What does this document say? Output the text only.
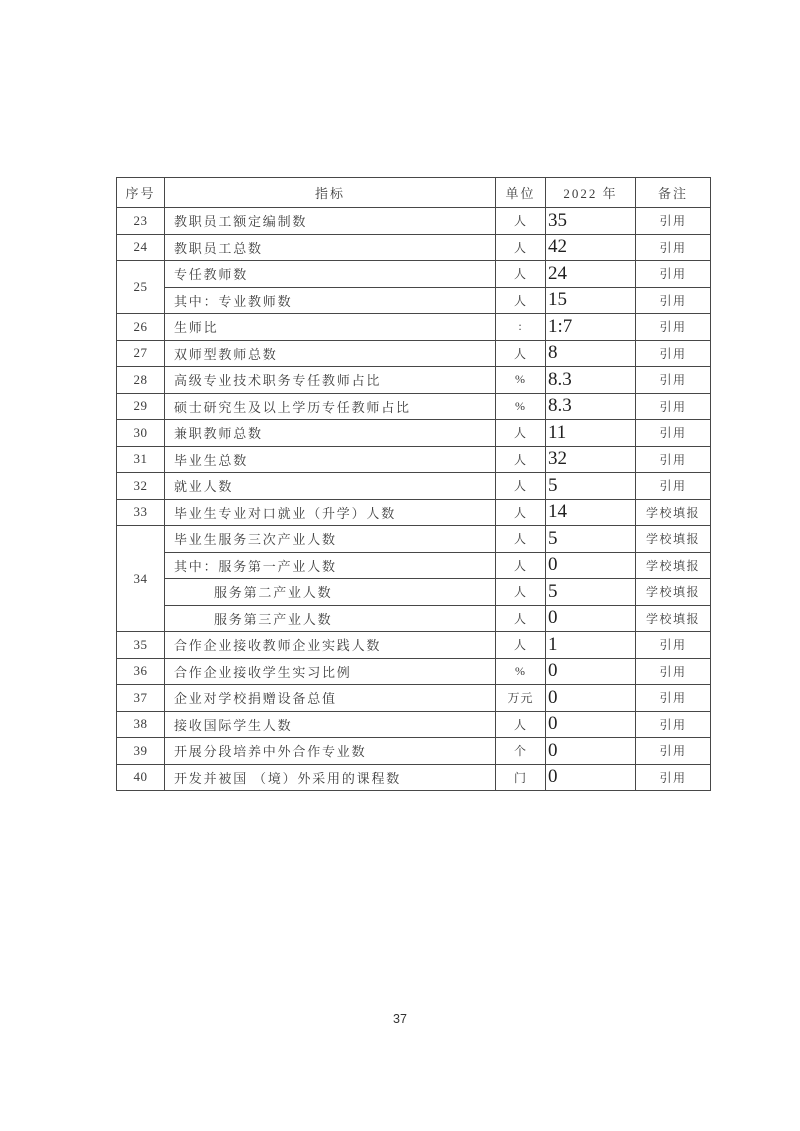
序号	指标	单位	2022 年	备注
23	教职员工额定编制数	人	35	引用
24	教职员工总数	人	42	引用
25	专任教师数	人	24	引用
	其中：专业教师数	人	15	引用
26	生师比	:	1:7	引用
27	双师型教师总数	人	8	引用
28	高级专业技术职务专任教师占比	%	8.3	引用
29	硕士研究生及以上学历专任教师占比	%	8.3	引用
30	兼职教师总数	人	11	引用
31	毕业生总数	人	32	引用
32	就业人数	人	5	引用
33	毕业生专业对口就业（升学）人数	人	14	学校填报
34	毕业生服务三次产业人数	人	5	学校填报
	其中：服务第一产业人数	人	0	学校填报
	服务第二产业人数	人	5	学校填报
	服务第三产业人数	人	0	学校填报
35	合作企业接收教师企业实践人数	人	1	引用
36	合作企业接收学生实习比例	%	0	引用
37	企业对学校捐赠设备总值	万元	0	引用
38	接收国际学生人数	人	0	引用
39	开展分段培养中外合作专业数	个	0	引用
40	开发并被国 （境）外采用的课程数	门	0	引用
37
